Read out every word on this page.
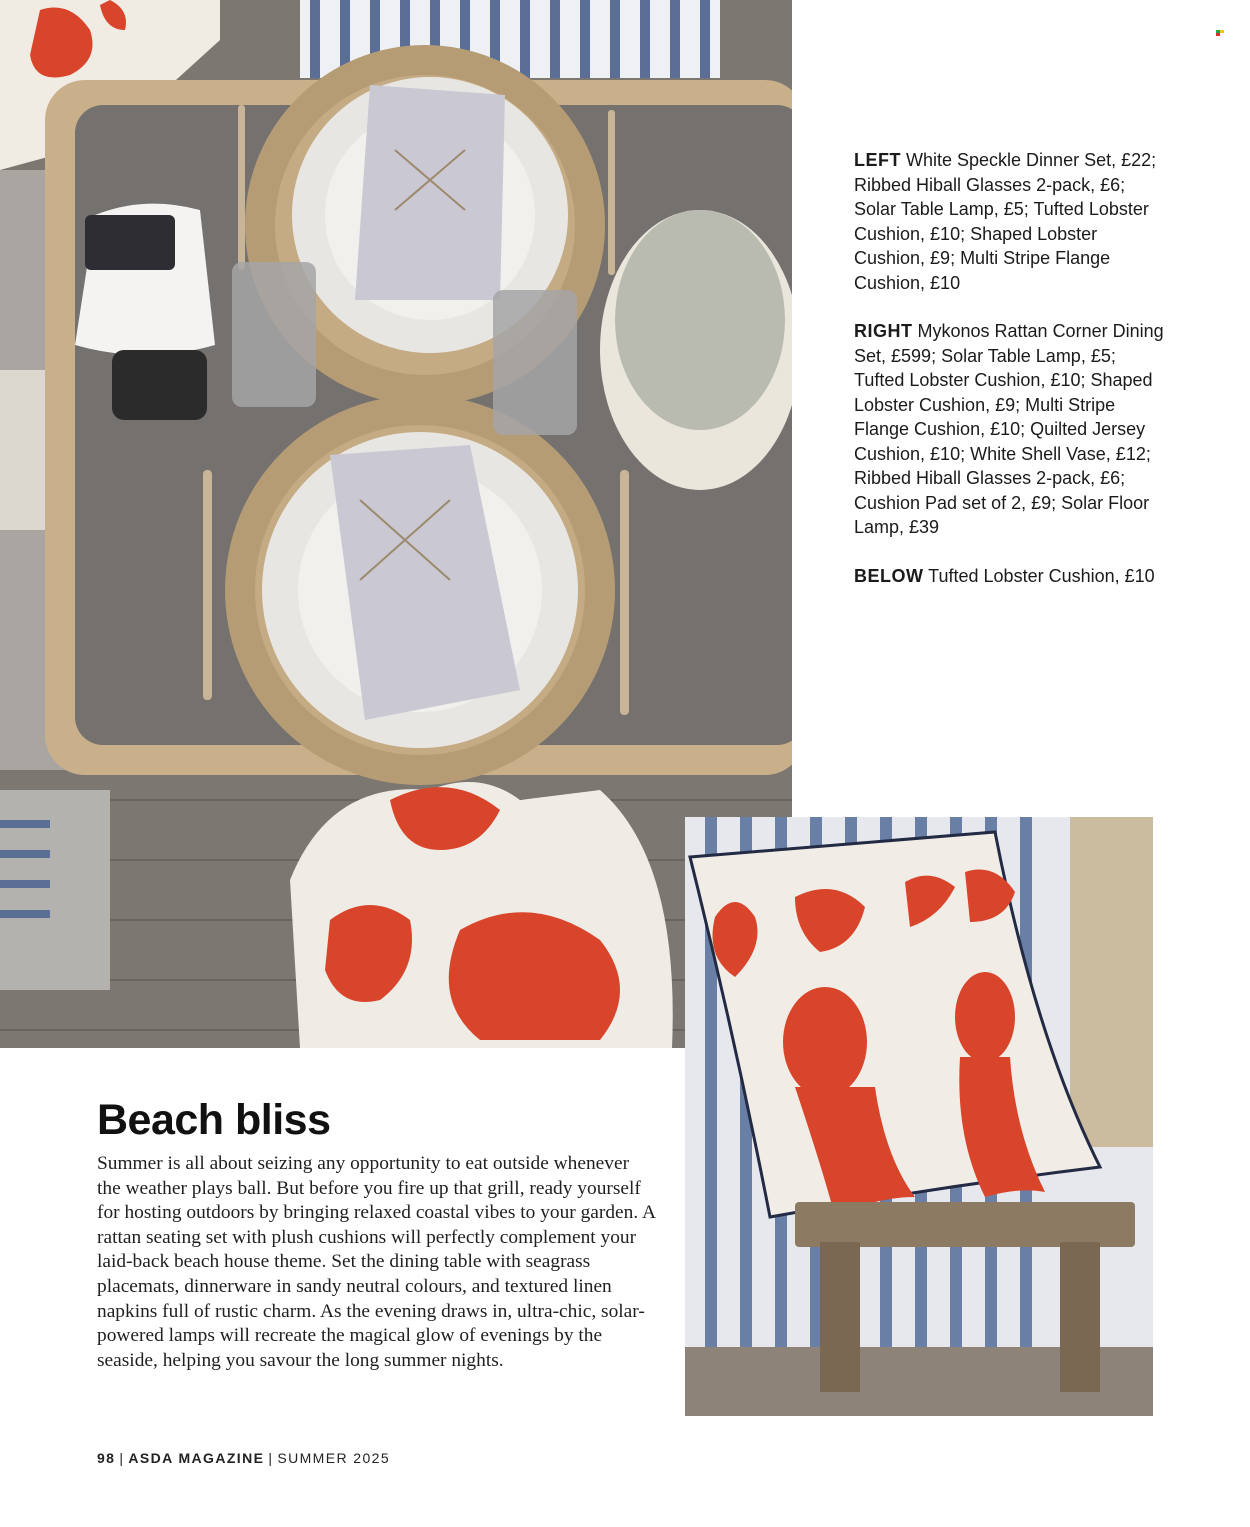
LEFT White Speckle Dinner Set, £22; Ribbed Hiball Glasses 2-pack, £6; Solar Table Lamp, £5; Tufted Lobster Cushion, £10; Shaped Lobster Cushion, £9; Multi Stripe Flange Cushion, £10

RIGHT Mykonos Rattan Corner Dining Set, £599; Solar Table Lamp, £5; Tufted Lobster Cushion, £10; Shaped Lobster Cushion, £9; Multi Stripe Flange Cushion, £10; Quilted Jersey Cushion, £10; White Shell Vase, £12; Ribbed Hiball Glasses 2-pack, £6; Cushion Pad set of 2, £9; Solar Floor Lamp, £39

BELOW Tufted Lobster Cushion, £10

Beach bliss

Summer is all about seizing any opportunity to eat outside whenever the weather plays ball. But before you fire up that grill, ready yourself for hosting outdoors by bringing relaxed coastal vibes to your garden. A rattan seating set with plush cushions will perfectly complement your laid-back beach house theme. Set the dining table with seagrass placemats, dinnerware in sandy neutral colours, and textured linen napkins full of rustic charm. As the evening draws in, ultra-chic, solar-powered lamps will recreate the magical glow of evenings by the seaside, helping you savour the long summer nights.

98 | ASDA MAGAZINE | SUMMER 2025
